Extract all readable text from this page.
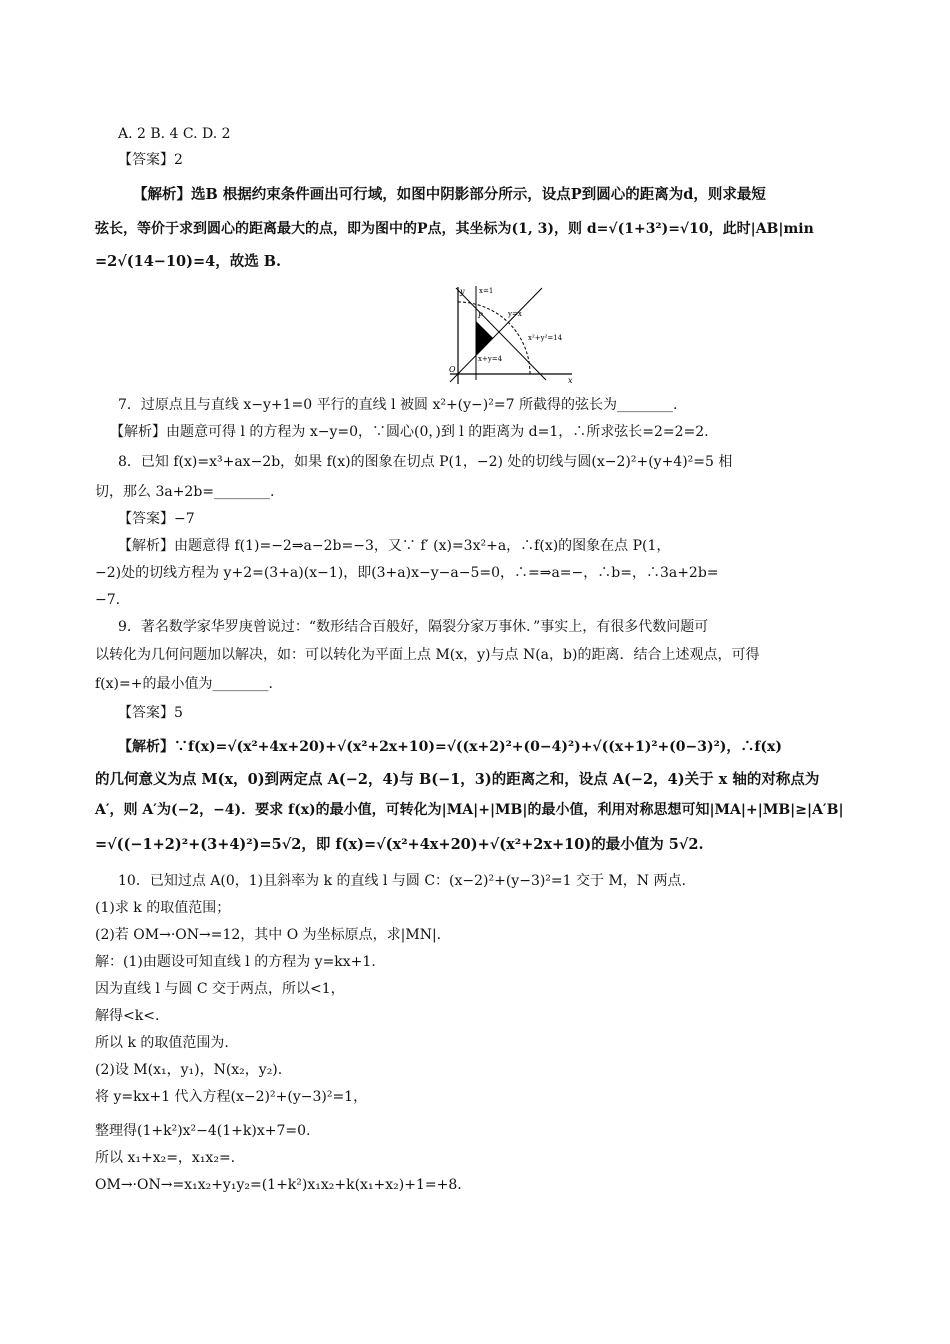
A. 2 B. 4 C. D. 2
【答案】2
【解析】选B 根据约束条件画出可行域，如图中阴影部分所示，设点P到圆心的距离为d，则求最短
弦长，等价于求到圆心的距离最大的点，即为图中的P点，其坐标为(1, 3)，则 d=√(1+3²)=√10，此时|AB|min
=2√(14−10)=4，故选 B.
y
x
O
P
x=1
y=x
x²+y²=14
x+y=4
7．过原点且与直线 x−y+1=0 平行的直线 l 被圆 x²+(y−)²=7 所截得的弦长为________.
【解析】由题意可得 l 的方程为 x−y=0，∵圆心(0，)到 l 的距离为 d=1，∴所求弦长=2=2=2.
8．已知 f(x)=x³+ax−2b，如果 f(x)的图象在切点 P(1，−2) 处的切线与圆(x−2)²+(y+4)²=5 相
切，那么 3a+2b=________.
【答案】−7
【解析】由题意得 f(1)=−2⇒a−2b=−3，又∵ f′ (x)=3x²+a，∴f(x)的图象在点 P(1，
−2)处的切线方程为 y+2=(3+a)(x−1)，即(3+a)x−y−a−5=0，∴=⇒a=−，∴b=，∴3a+2b=
−7.
9．著名数学家华罗庚曾说过：“数形结合百般好，隔裂分家万事休．”事实上，有很多代数问题可
以转化为几何问题加以解决，如：可以转化为平面上点 M(x，y)与点 N(a，b)的距离．结合上述观点，可得
f(x)=+的最小值为________.
【答案】5
【解析】∵f(x)=√(x²+4x+20)+√(x²+2x+10)=√((x+2)²+(0−4)²)+√((x+1)²+(0−3)²)，∴f(x)
的几何意义为点 M(x，0)到两定点 A(−2，4)与 B(−1，3)的距离之和，设点 A(−2，4)关于 x 轴的对称点为
A′，则 A′为(−2，−4)．要求 f(x)的最小值，可转化为|MA|+|MB|的最小值，利用对称思想可知|MA|+|MB|≥|A′B|
=√((−1+2)²+(3+4)²)=5√2，即 f(x)=√(x²+4x+20)+√(x²+2x+10)的最小值为 5√2.
10．已知过点 A(0，1)且斜率为 k 的直线 l 与圆 C：(x−2)²+(y−3)²=1 交于 M，N 两点.
(1)求 k 的取值范围；
(2)若 OM→·ON→=12，其中 O 为坐标原点，求|MN|.
解：(1)由题设可知直线 l 的方程为 y=kx+1.
因为直线 l 与圆 C 交于两点，所以<1，
解得<k<.
所以 k 的取值范围为.
(2)设 M(x₁，y₁)，N(x₂，y₂).
将 y=kx+1 代入方程(x−2)²+(y−3)²=1，
整理得(1+k²)x²−4(1+k)x+7=0.
所以 x₁+x₂=，x₁x₂=.
OM→·ON→=x₁x₂+y₁y₂=(1+k²)x₁x₂+k(x₁+x₂)+1=+8.
